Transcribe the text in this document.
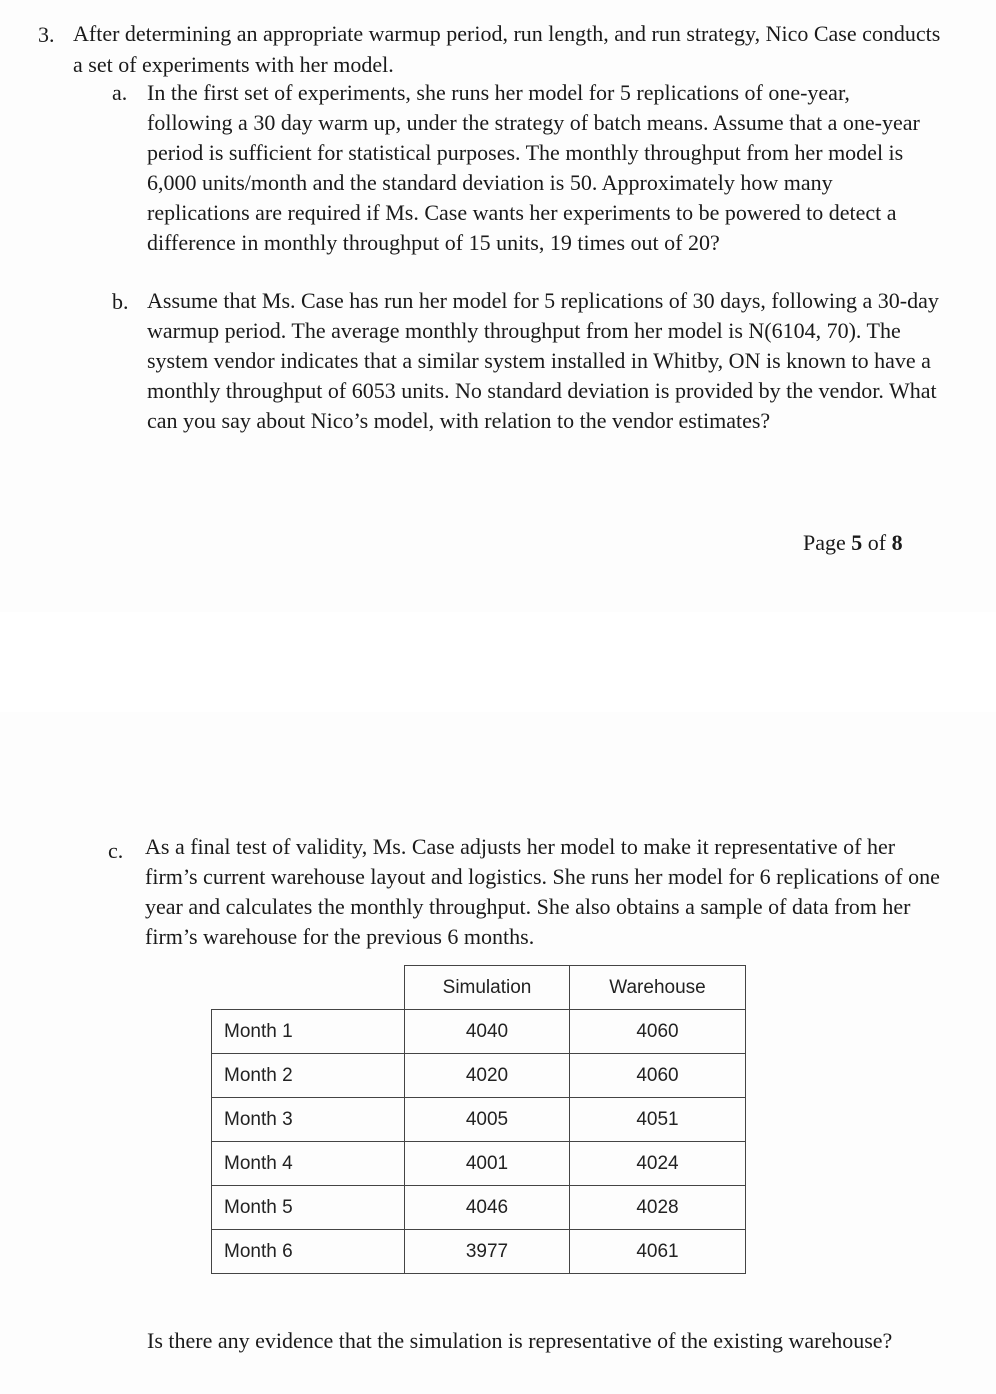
3. After determining an appropriate warmup period, run length, and run strategy, Nico Case conducts a set of experiments with her model.
a. In the first set of experiments, she runs her model for 5 replications of one-year, following a 30 day warm up, under the strategy of batch means. Assume that a one-year period is sufficient for statistical purposes. The monthly throughput from her model is 6,000 units/month and the standard deviation is 50. Approximately how many replications are required if Ms. Case wants her experiments to be powered to detect a difference in monthly throughput of 15 units, 19 times out of 20?
b. Assume that Ms. Case has run her model for 5 replications of 30 days, following a 30-day warmup period. The average monthly throughput from her model is N(6104, 70). The system vendor indicates that a similar system installed in Whitby, ON is known to have a monthly throughput of 6053 units. No standard deviation is provided by the vendor. What can you say about Nico’s model, with relation to the vendor estimates?
Page 5 of 8
c. As a final test of validity, Ms. Case adjusts her model to make it representative of her firm’s current warehouse layout and logistics. She runs her model for 6 replications of one year and calculates the monthly throughput. She also obtains a sample of data from her firm’s warehouse for the previous 6 months.
	Simulation	Warehouse
Month 1	4040	4060
Month 2	4020	4060
Month 3	4005	4051
Month 4	4001	4024
Month 5	4046	4028
Month 6	3977	4061
Is there any evidence that the simulation is representative of the existing warehouse?
